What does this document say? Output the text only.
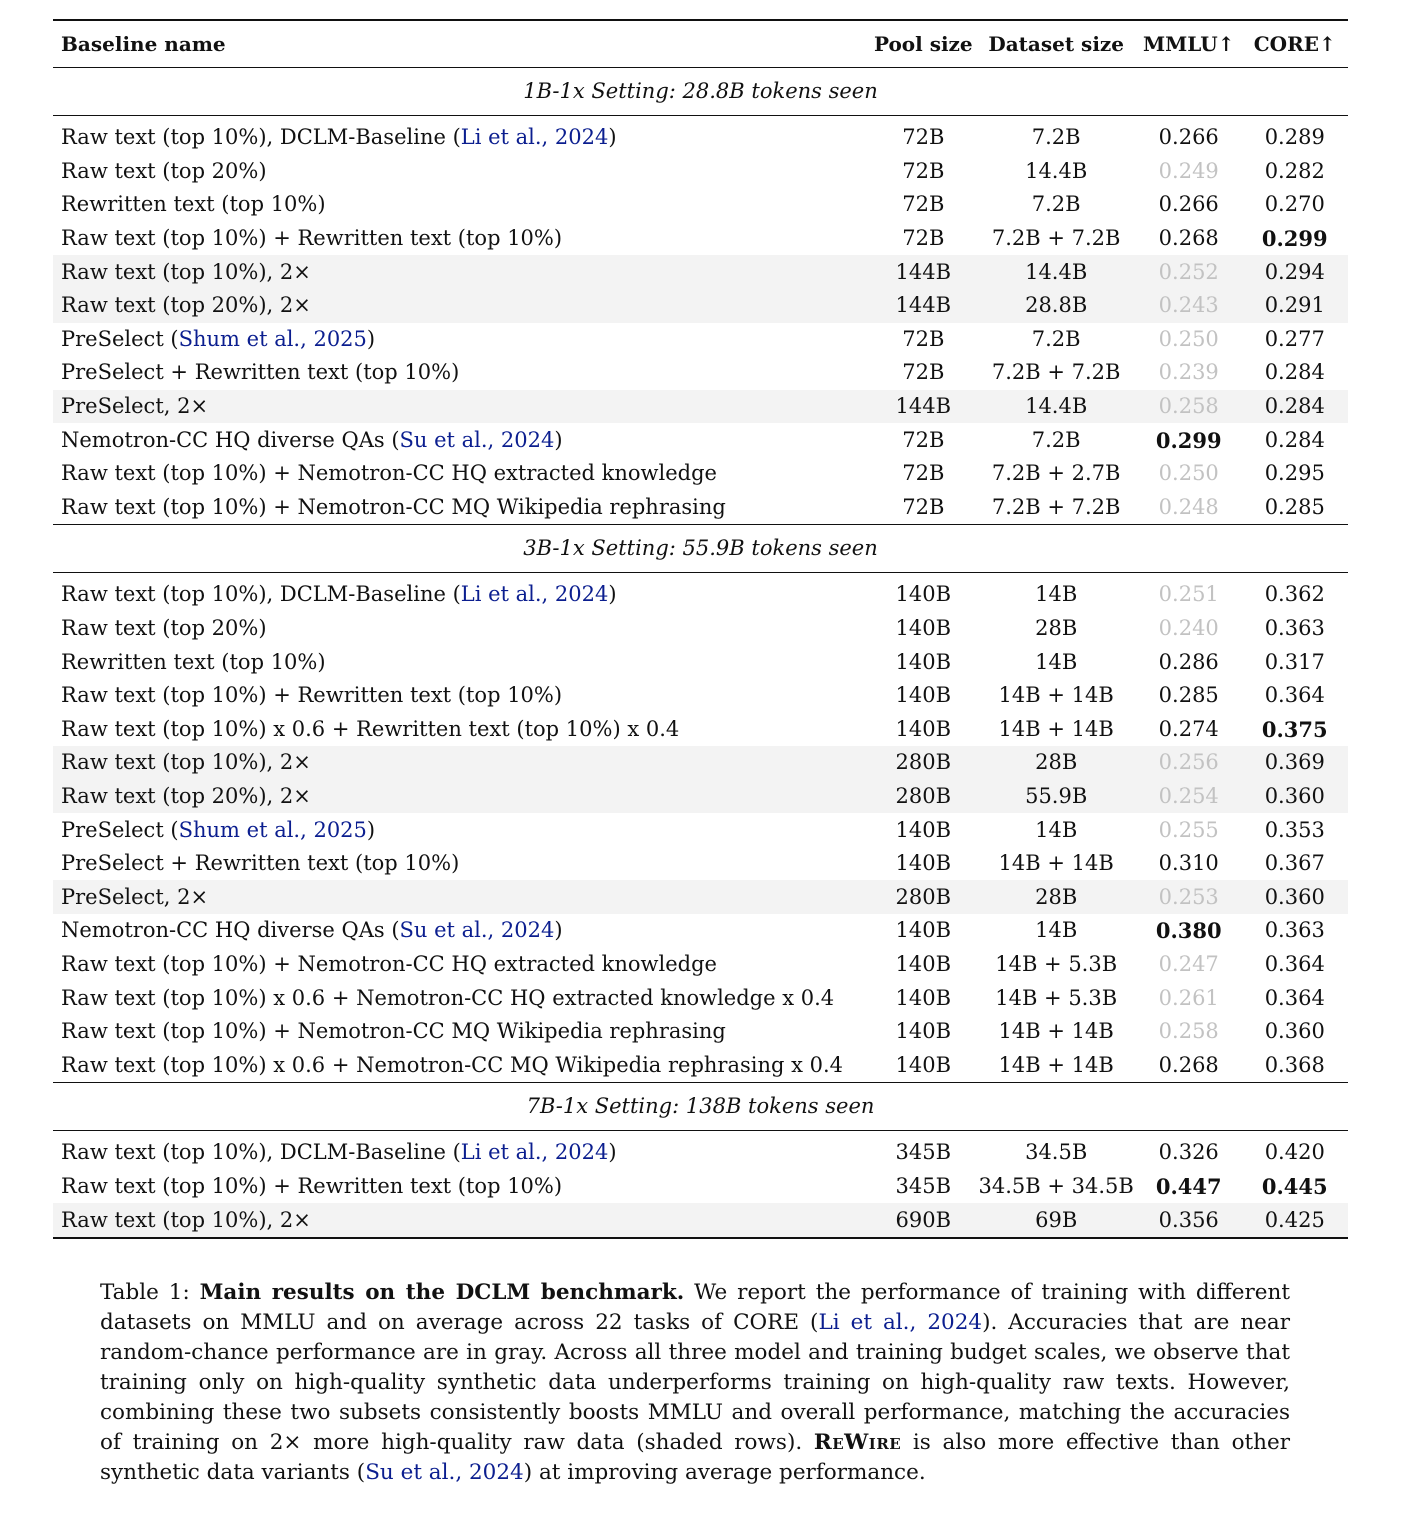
Baseline name	Pool size	Dataset size	MMLU↑	CORE↑
1B-1x Setting: 28.8B tokens seen				
Raw text (top 10%), DCLM-Baseline (Li et al., 2024)	72B	7.2B	0.266	0.289
Raw text (top 20%)	72B	14.4B	0.249	0.282
Rewritten text (top 10%)	72B	7.2B	0.266	0.270
Raw text (top 10%) + Rewritten text (top 10%)	72B	7.2B + 7.2B	0.268	0.299
Raw text (top 10%), 2×	144B	14.4B	0.252	0.294
Raw text (top 20%), 2×	144B	28.8B	0.243	0.291
PreSelect (Shum et al., 2025)	72B	7.2B	0.250	0.277
PreSelect + Rewritten text (top 10%)	72B	7.2B + 7.2B	0.239	0.284
PreSelect, 2×	144B	14.4B	0.258	0.284
Nemotron-CC HQ diverse QAs (Su et al., 2024)	72B	7.2B	0.299	0.284
Raw text (top 10%) + Nemotron-CC HQ extracted knowledge	72B	7.2B + 2.7B	0.250	0.295
Raw text (top 10%) + Nemotron-CC MQ Wikipedia rephrasing	72B	7.2B + 7.2B	0.248	0.285
3B-1x Setting: 55.9B tokens seen				
Raw text (top 10%), DCLM-Baseline (Li et al., 2024)	140B	14B	0.251	0.362
Raw text (top 20%)	140B	28B	0.240	0.363
Rewritten text (top 10%)	140B	14B	0.286	0.317
Raw text (top 10%) + Rewritten text (top 10%)	140B	14B + 14B	0.285	0.364
Raw text (top 10%) x 0.6 + Rewritten text (top 10%) x 0.4	140B	14B + 14B	0.274	0.375
Raw text (top 10%), 2×	280B	28B	0.256	0.369
Raw text (top 20%), 2×	280B	55.9B	0.254	0.360
PreSelect (Shum et al., 2025)	140B	14B	0.255	0.353
PreSelect + Rewritten text (top 10%)	140B	14B + 14B	0.310	0.367
PreSelect, 2×	280B	28B	0.253	0.360
Nemotron-CC HQ diverse QAs (Su et al., 2024)	140B	14B	0.380	0.363
Raw text (top 10%) + Nemotron-CC HQ extracted knowledge	140B	14B + 5.3B	0.247	0.364
Raw text (top 10%) x 0.6 + Nemotron-CC HQ extracted knowledge x 0.4	140B	14B + 5.3B	0.261	0.364
Raw text (top 10%) + Nemotron-CC MQ Wikipedia rephrasing	140B	14B + 14B	0.258	0.360
Raw text (top 10%) x 0.6 + Nemotron-CC MQ Wikipedia rephrasing x 0.4	140B	14B + 14B	0.268	0.368
7B-1x Setting: 138B tokens seen				
Raw text (top 10%), DCLM-Baseline (Li et al., 2024)	345B	34.5B	0.326	0.420
Raw text (top 10%) + Rewritten text (top 10%)	345B	34.5B + 34.5B	0.447	0.445
Raw text (top 10%), 2×	690B	69B	0.356	0.425
Table 1: Main results on the DCLM benchmark. We report the performance of training with different datasets on MMLU and on average across 22 tasks of CORE (Li et al., 2024). Accuracies that are near random-chance performance are in gray. Across all three model and training budget scales, we observe that training only on high-quality synthetic data underperforms training on high-quality raw texts. However, combining these two subsets consistently boosts MMLU and overall performance, matching the accuracies of training on 2× more high-quality raw data (shaded rows). ReWire is also more effective than other synthetic data variants (Su et al., 2024) at improving average performance.
